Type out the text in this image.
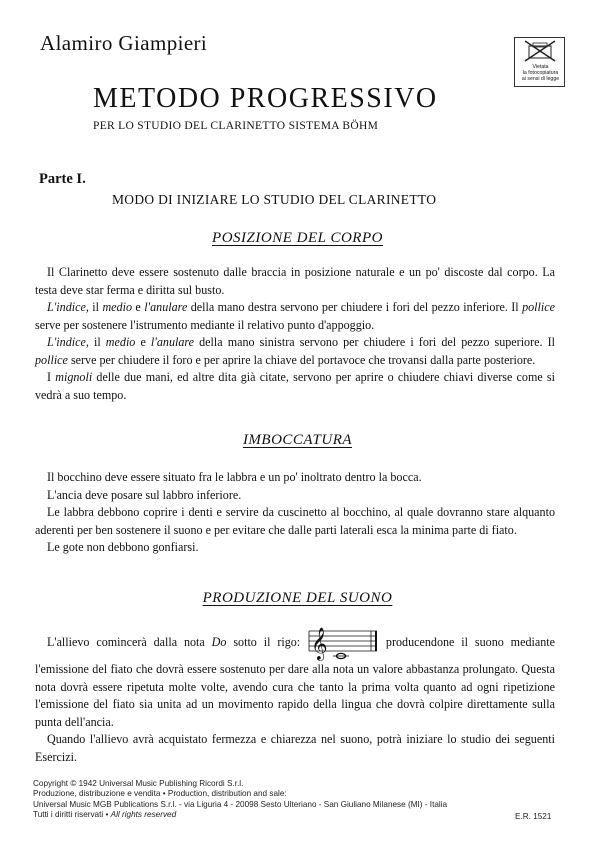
Alamiro Giampieri
METODO PROGRESSIVO
PER LO STUDIO DEL CLARINETTO SISTEMA BÖHM
Vietata
la fotocopiatura
ai sensi di legge
Parte I.
MODO DI INIZIARE LO STUDIO DEL CLARINETTO
POSIZIONE DEL CORPO

Il Clarinetto deve essere sostenuto dalle braccia in posizione naturale e un po' discoste dal corpo. La testa deve star ferma e diritta sul busto.

L'indice, il medio e l'anulare della mano destra servono per chiudere i fori del pezzo inferiore. Il pollice serve per sostenere l'istrumento mediante il relativo punto d'appoggio.

L'indice, il medio e l'anulare della mano sinistra servono per chiudere i fori del pezzo superiore. Il pollice serve per chiudere il foro e per aprire la chiave del portavoce che trovansi dalla parte posteriore.

I mignoli delle due mani, ed altre dita già citate, servono per aprire o chiudere chiavi diverse come si vedrà a suo tempo.

IMBOCCATURA

Il bocchino deve essere situato fra le labbra e un po' inoltrato dentro la bocca.

L'ancia deve posare sul labbro inferiore.

Le labbra debbono coprire i denti e servire da cuscinetto al bocchino, al quale dovranno stare alquanto aderenti per ben sostenere il suono e per evitare che dalle parti laterali esca la minima parte di fiato.

Le gote non debbono gonfiarsi.

PRODUZIONE DEL SUONO

L'allievo comincerà dalla nota Do sotto il rigo: 𝄞	producendone il suono mediante l'emissione del fiato che dovrà essere sostenuto per dare alla nota un valore abbastanza prolungato. Questa nota dovrà essere ripetuta molte volte, avendo cura che tanto la prima volta quanto ad ogni ripetizione l'emissione del fiato sia unita ad un movimento rapido della lingua che dovrà colpire direttamente sulla punta dell'ancia.

Quando l'allievo avrà acquistato fermezza e chiarezza nel suono, potrà iniziare lo studio dei seguenti Esercizi.

Copyright © 1942 Universal Music Publishing Ricordi S.r.l.
Produzione, distribuzione e vendita • Production, distribution and sale:
Universal Music MGB Publications S.r.l. - via Liguria 4 - 20098 Sesto Ulteriano - San Giuliano Milanese (MI) - Italia
Tutti i diritti riservati • All rights reserved	E.R. 1521
